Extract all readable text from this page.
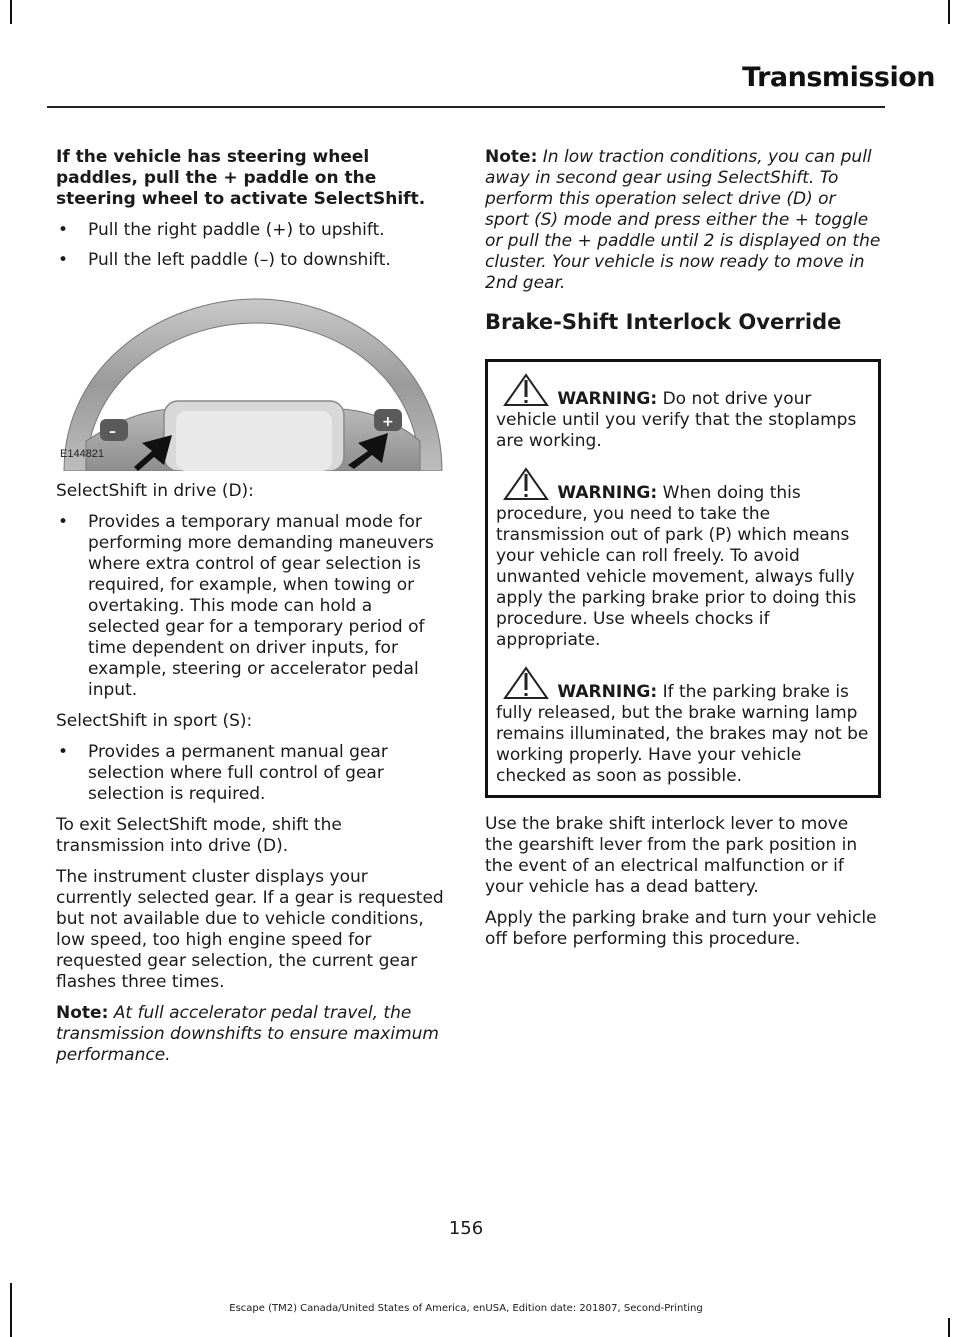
Transmission

If the vehicle has steering wheel paddles, pull the + paddle on the steering wheel to activate SelectShift.

• Pull the right paddle (+) to upshift.
• Pull the left paddle (–) to downshift.
–
+
E144821

SelectShift in drive (D):

• Provides a temporary manual mode for performing more demanding maneuvers where extra control of gear selection is required, for example, when towing or overtaking. This mode can hold a selected gear for a temporary period of time dependent on driver inputs, for example, steering or accelerator pedal input.

SelectShift in sport (S):

• Provides a permanent manual gear selection where full control of gear selection is required.

To exit SelectShift mode, shift the transmission into drive (D).

The instrument cluster displays your currently selected gear. If a gear is requested but not available due to vehicle conditions, low speed, too high engine speed for requested gear selection, the current gear flashes three times.

Note: At full accelerator pedal travel, the transmission downshifts to ensure maximum performance.

Note: In low traction conditions, you can pull away in second gear using SelectShift. To perform this operation select drive (D) or sport (S) mode and press either the + toggle or pull the + paddle until 2 is displayed on the cluster. Your vehicle is now ready to move in 2nd gear.

Brake-Shift Interlock Override
WARNING: Do not drive your vehicle until you verify that the stoplamps are working.
WARNING: When doing this procedure, you need to take the transmission out of park (P) which means your vehicle can roll freely. To avoid unwanted vehicle movement, always fully apply the parking brake prior to doing this procedure. Use wheels chocks if appropriate.
WARNING: If the parking brake is fully released, but the brake warning lamp remains illuminated, the brakes may not be working properly. Have your vehicle checked as soon as possible.

Use the brake shift interlock lever to move the gearshift lever from the park position in the event of an electrical malfunction or if your vehicle has a dead battery.

Apply the parking brake and turn your vehicle off before performing this procedure.

156
Escape (TM2) Canada/United States of America, enUSA, Edition date: 201807, Second-Printing
